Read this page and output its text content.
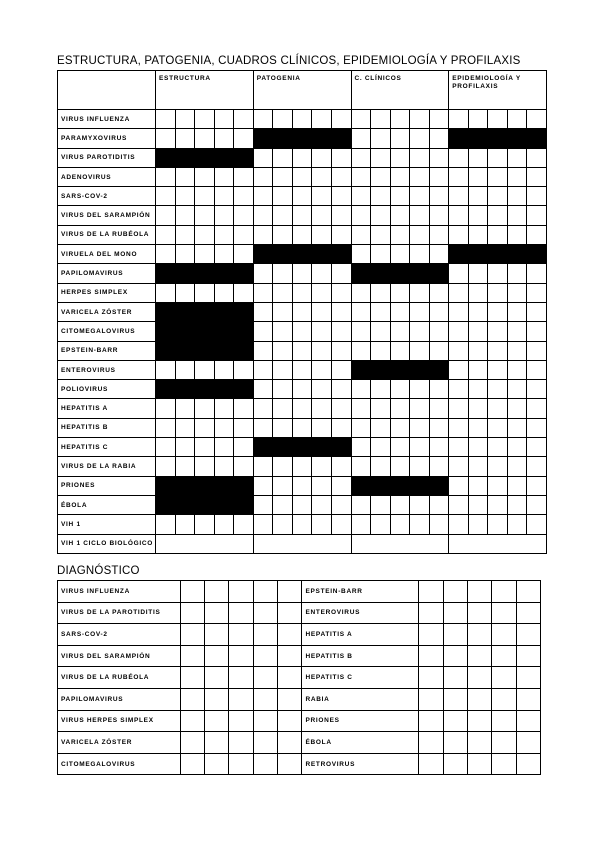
ESTRUCTURA, PATOGENIA, CUADROS CLÍNICOS, EPIDEMIOLOGÍA Y PROFILAXIS
	ESTRUCTURA					PATOGENIA					C. CLÍNICOS					EPIDEMIOLOGÍA Y PROFILAXIS				
VIRUS INFLUENZA																				
PARAMYXOVIRUS																				
VIRUS PAROTIDITIS																				
ADENOVIRUS																				
SARS-COV-2																				
VIRUS DEL SARAMPIÓN																				
VIRUS DE LA RUBÉOLA																				
VIRUELA DEL MONO																				
PAPILOMAVIRUS																				
HERPES SIMPLEX																				
VARICELA ZÓSTER																				
CITOMEGALOVIRUS																				
EPSTEIN-BARR																				
ENTEROVIRUS																				
POLIOVIRUS																				
HEPATITIS A																				
HEPATITIS B																				
HEPATITIS C																				
VIRUS DE LA RABIA																				
PRIONES																				
ÉBOLA																				
VIH 1																				
VIH 1 CICLO BIOLÓGICO																				
DIAGNÓSTICO
VIRUS INFLUENZA						EPSTEIN-BARR					
VIRUS DE LA PAROTIDITIS						ENTEROVIRUS					
SARS-COV-2						HEPATITIS A					
VIRUS DEL SARAMPIÓN						HEPATITIS B					
VIRUS DE LA RUBÉOLA						HEPATITIS C					
PAPILOMAVIRUS						RABIA					
VIRUS HERPES SIMPLEX						PRIONES					
VARICELA ZÓSTER						ÉBOLA					
CITOMEGALOVIRUS						RETROVIRUS					
